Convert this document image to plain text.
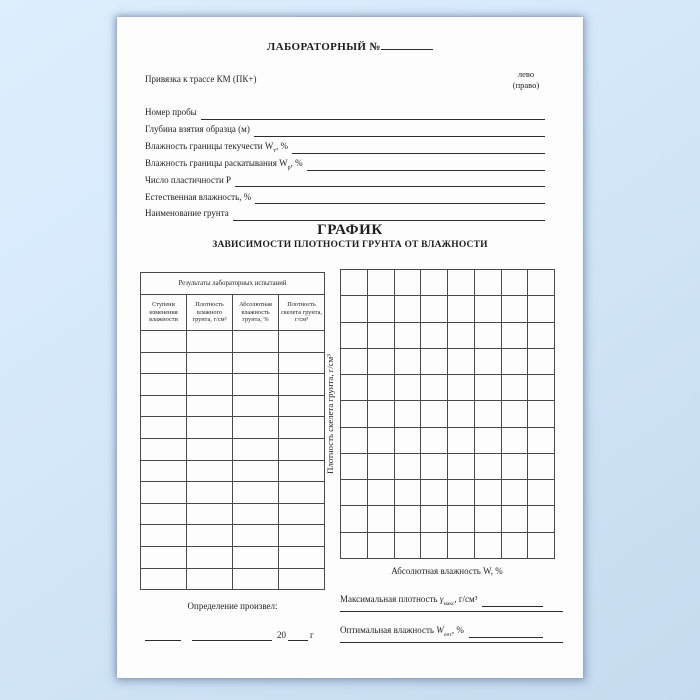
ЛАБОРАТОРНЫЙ №
Привязка к трассе КМ (ПК+)	лево
(право)
Номер пробы
Глубина взятия образца (м)
Влажность границы текучести $W_т$, %
Влажность границы раскатывания $W_р$, %
Число пластичности Р
Естественная влажность, %
Наименование грунта
ГРАФИК
ЗАВИСИМОСТИ ПЛОТНОСТИ ГРУНТА ОТ ВЛАЖНОСТИ
Результаты лабораторных испытаний			
Ступени изменения влажности	Плотность влажного грунта, г/см³	Абсолютная влажность грунта, %	Плотность скелета грунта, г/см³

Плотность скелета грунта, г/см³
Абсолютная влажность W, %
Максимальная плотность $\gamma_{макс}$, г/см³
Оптимальная влажность $W_{опт}$, %
Определение произвел:
20	г
